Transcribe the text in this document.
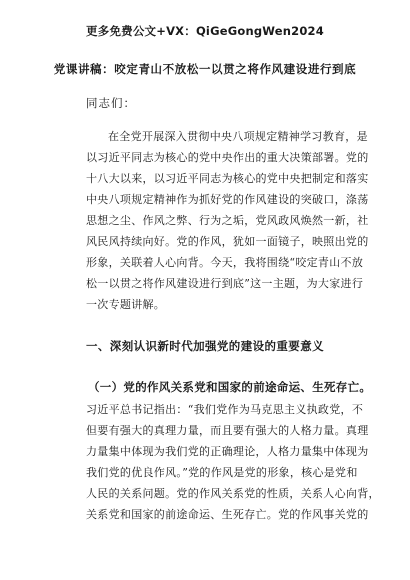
更多免费公文+VX：QiGeGongWen2024
党课讲稿：咬定青山不放松一以贯之将作风建设进行到底
同志们：
在全党开展深入贯彻中央八项规定精神学习教育，是
以习近平同志为核心的党中央作出的重大决策部署。党的
十八大以来，以习近平同志为核心的党中央把制定和落实
中央八项规定精神作为抓好党的作风建设的突破口，涤荡
思想之尘、作风之弊、行为之垢，党风政风焕然一新，社
风民风持续向好。党的作风，犹如一面镜子，映照出党的
形象，关联着人心向背。今天，我将围绕“咬定青山不放
松一以贯之将作风建设进行到底”这一主题，为大家进行
一次专题讲解。
一、深刻认识新时代加强党的建设的重要意义
（一）党的作风关系党和国家的前途命运、生死存亡。
习近平总书记指出：“我们党作为马克思主义执政党，不
但要有强大的真理力量，而且要有强大的人格力量。真理
力量集中体现为我们党的正确理论，人格力量集中体现为
我们党的优良作风。”党的作风是党的形象，核心是党和
人民的关系问题。党的作风关系党的性质，关系人心向背，
关系党和国家的前途命运、生死存亡。党的作风事关党的
